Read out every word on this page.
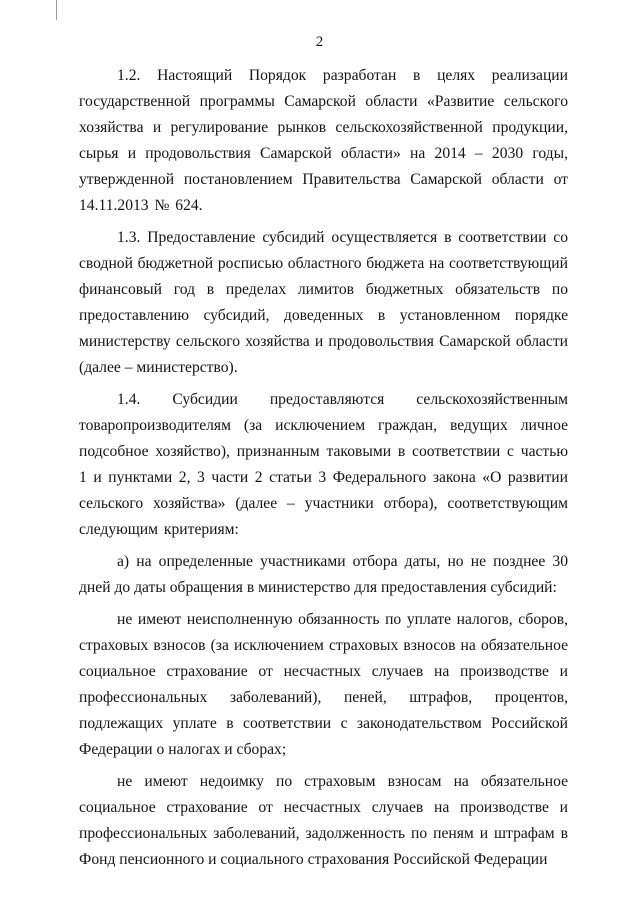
2

1.2. Настоящий Порядок разработан в целях реализации государственной программы Самарской области «Развитие сельского хозяйства и регулирование рынков сельскохозяйственной продукции, сырья и продовольствия Самарской области» на 2014 – 2030 годы, утвержденной постановлением Правительства Самарской области от 14.11.2013 № 624.

1.3. Предоставление субсидий осуществляется в соответствии со сводной бюджетной росписью областного бюджета на соответствующий финансовый год в пределах лимитов бюджетных обязательств по предоставлению субсидий, доведенных в установленном порядке министерству сельского хозяйства и продовольствия Самарской области (далее – министерство).

1.4. Субсидии предоставляются сельскохозяйственным товаропроизводителям (за исключением граждан, ведущих личное подсобное хозяйство), признанным таковыми в соответствии с частью 1 и пунктами 2, 3 части 2 статьи 3 Федерального закона «О развитии сельского хозяйства» (далее – участники отбора), соответствующим следующим критериям:

а) на определенные участниками отбора даты, но не позднее 30 дней до даты обращения в министерство для предоставления субсидий:

не имеют неисполненную обязанность по уплате налогов, сборов, страховых взносов (за исключением страховых взносов на обязательное социальное страхование от несчастных случаев на производстве и профессиональных заболеваний), пеней, штрафов, процентов, подлежащих уплате в соответствии с законодательством Российской Федерации о налогах и сборах;

не имеют недоимку по страховым взносам на обязательное социальное страхование от несчастных случаев на производстве и профессиональных заболеваний, задолженность по пеням и штрафам в Фонд пенсионного и социального страхования Российской Федерации
